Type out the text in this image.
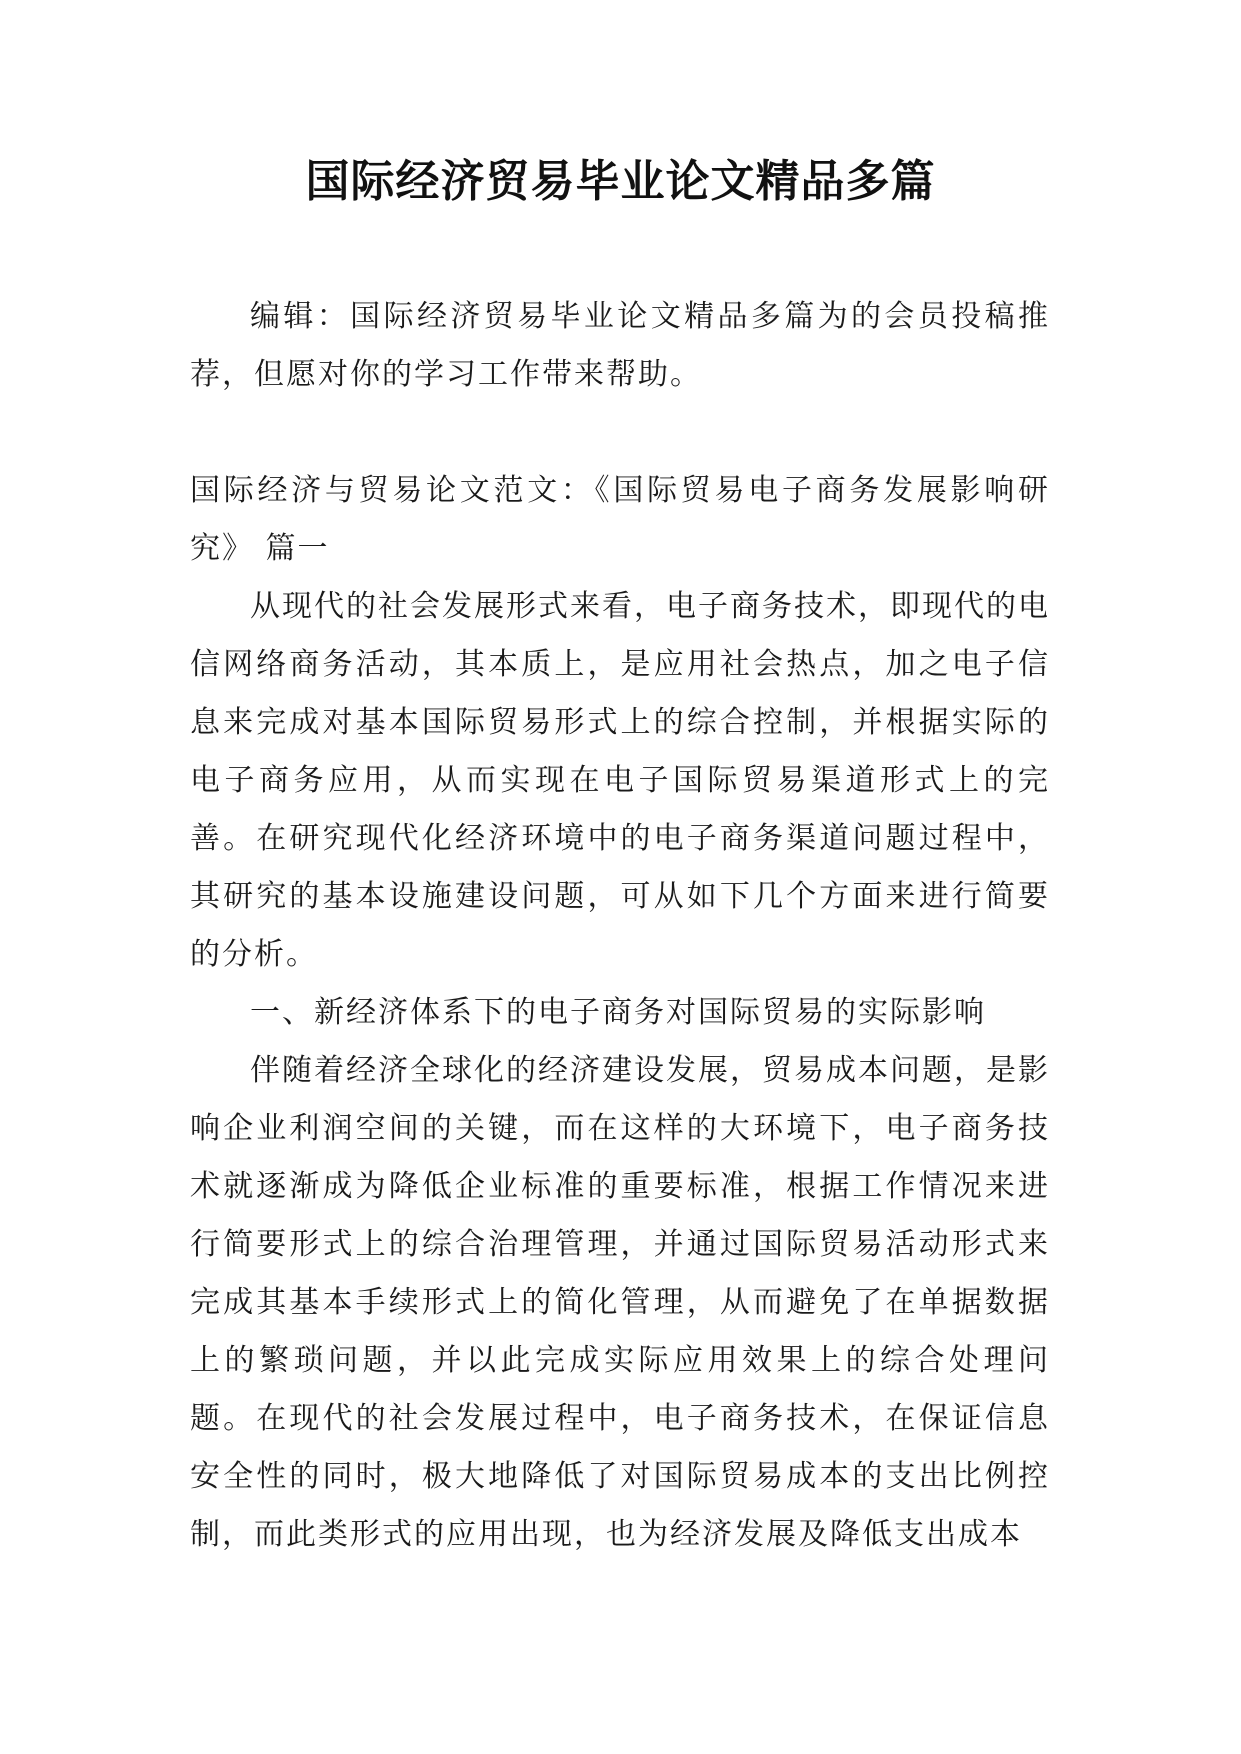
国际经济贸易毕业论文精品多篇

编辑：国际经济贸易毕业论文精品多篇为的会员投稿推荐，但愿对你的学习工作带来帮助。

国际经济与贸易论文范文：《国际贸易电子商务发展影响研究》 篇一

从现代的社会发展形式来看，电子商务技术，即现代的电信网络商务活动，其本质上，是应用社会热点，加之电子信息来完成对基本国际贸易形式上的综合控制，并根据实际的电子商务应用，从而实现在电子国际贸易渠道形式上的完善。在研究现代化经济环境中的电子商务渠道问题过程中，其研究的基本设施建设问题，可从如下几个方面来进行简要的分析。

一、新经济体系下的电子商务对国际贸易的实际影响

伴随着经济全球化的经济建设发展，贸易成本问题，是影响企业利润空间的关键，而在这样的大环境下，电子商务技术就逐渐成为降低企业标准的重要标准，根据工作情况来进行简要形式上的综合治理管理，并通过国际贸易活动形式来完成其基本手续形式上的简化管理，从而避免了在单据数据上的繁琐问题，并以此完成实际应用效果上的综合处理问题。在现代的社会发展过程中，电子商务技术，在保证信息安全性的同时，极大地降低了对国际贸易成本的支出比例控制，而此类形式的应用出现，也为经济发展及降低支出成本
